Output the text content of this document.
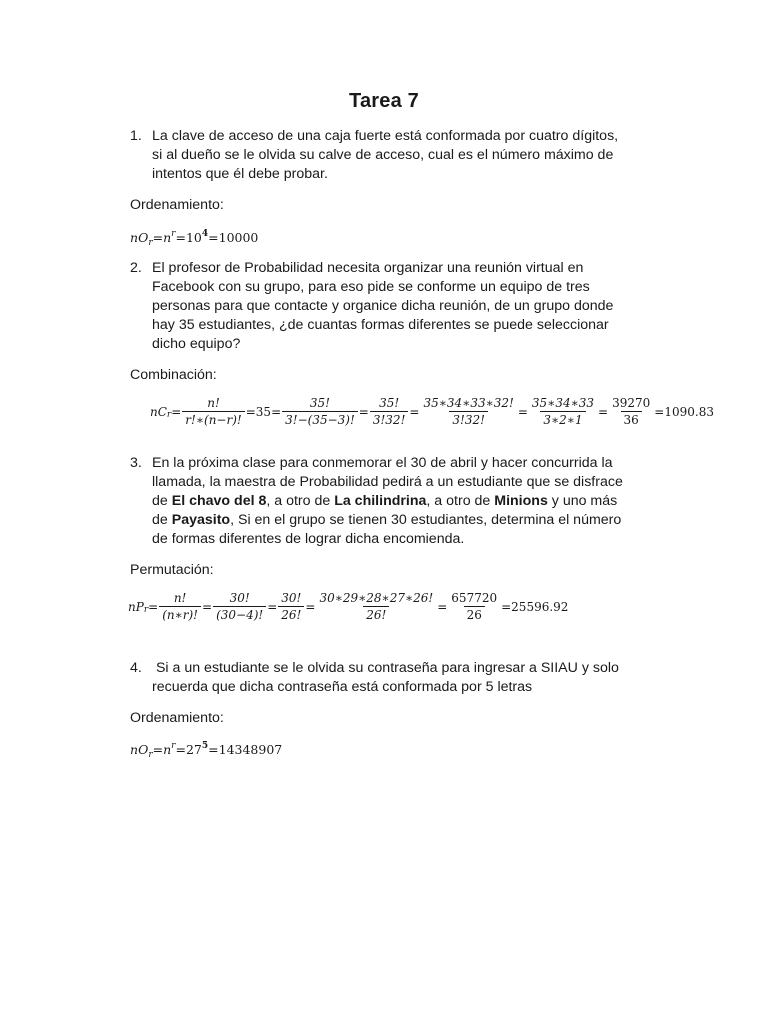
Tarea 7
1. La clave de acceso de una caja fuerte está conformada por cuatro dígitos,
si al dueño se le olvida su calve de acceso, cual es el número máximo de
intentos que él debe probar.
Ordenamiento:
$nO_r=n^r=10^4=10000$
2. El profesor de Probabilidad necesita organizar una reunión virtual en
Facebook con su grupo, para eso pide se conforme un equipo de tres
personas para que contacte y organice dicha reunión, de un grupo donde
hay 35 estudiantes, ¿de cuantas formas diferentes se puede seleccionar
dicho equipo?
Combinación:
nC $r = \frac{n!}{r!∗(n-r)!} = 35 = \frac{35!}{3!-(35-3)!} = \frac{35!}{3!32!} = \frac{35∗34∗33∗32!}{3!32!} = \frac{35∗34∗33}{3∗2∗1} = \frac{39270}{36} = 1090.83$
3. En la próxima clase para conmemorar el 30 de abril y hacer concurrida la
llamada, la maestra de Probabilidad pedirá a un estudiante que se disfrace
de El chavo del 8, a otro de La chilindrina, a otro de Minions y uno más
de Payasito, Si en el grupo se tienen 30 estudiantes, determina el número
de formas diferentes de lograr dicha encomienda.
Permutación:
nP $r = \frac{n!}{(n∗r)!} = \frac{30!}{(30-4)!} = \frac{30!}{26!} = \frac{30∗29∗28∗27∗26!}{26!} = \frac{657720}{26} = 25596.92$
4. Si a un estudiante se le olvida su contraseña para ingresar a SIIAU y solo
recuerda que dicha contraseña está conformada por 5 letras
Ordenamiento:
$nO_r=n^r=27^5=14348907$
